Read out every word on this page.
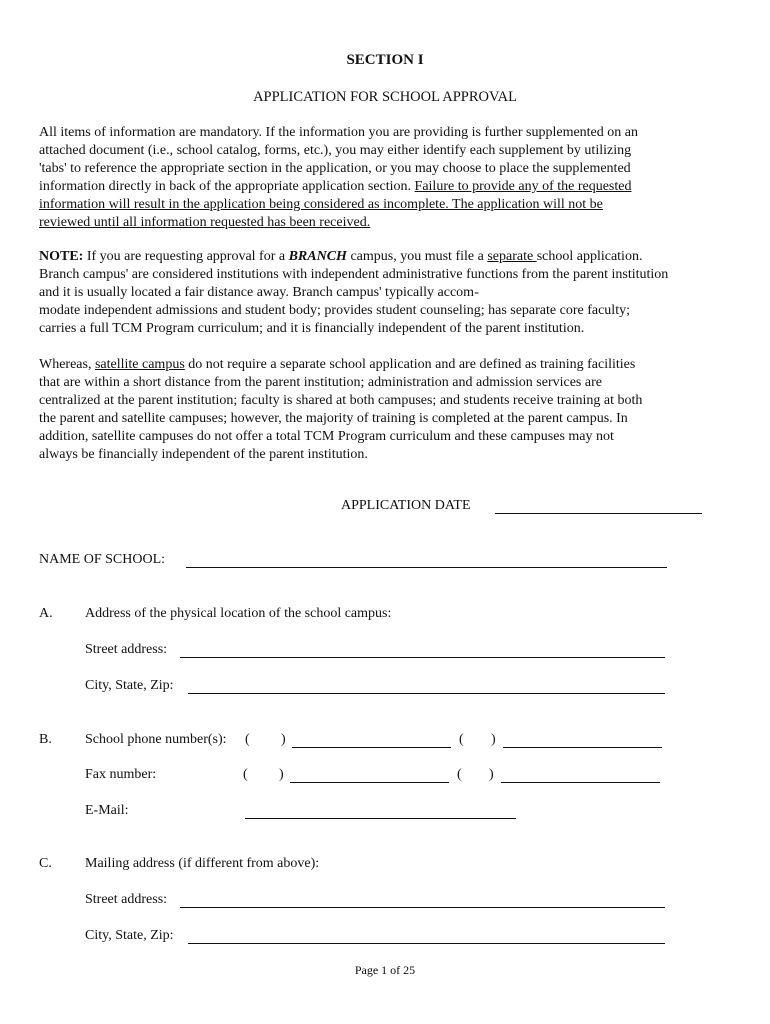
SECTION I
APPLICATION FOR SCHOOL APPROVAL
All items of information are mandatory. If the information you are providing is further supplemented on an
attached document (i.e., school catalog, forms, etc.), you may either identify each supplement by utilizing
'tabs' to reference the appropriate section in the application, or you may choose to place the supplemented
information directly in back of the appropriate application section. Failure to provide any of the requested
information will result in the application being considered as incomplete. The application will not be
reviewed until all information requested has been received.
NOTE: If you are requesting approval for a BRANCH campus, you must file a separate school application.
Branch campus' are considered institutions with independent administrative functions from the parent institution
and it is usually located a fair distance away. Branch campus' typically accom-
modate independent admissions and student body; provides student counseling; has separate core faculty;
carries a full TCM Program curriculum; and it is financially independent of the parent institution.
Whereas, satellite campus do not require a separate school application and are defined as training facilities
that are within a short distance from the parent institution; administration and admission services are
centralized at the parent institution; faculty is shared at both campuses; and students receive training at both
the parent and satellite campuses; however, the majority of training is completed at the parent campus. In
addition, satellite campuses do not offer a total TCM Program curriculum and these campuses may not
always be financially independent of the parent institution.
APPLICATION DATE
NAME OF SCHOOL:
A. Address of the physical location of the school campus:
Street address:
City, State, Zip:
B. School phone number(s): ( )	( )
Fax number:	( )	( )
E-Mail:
C. Mailing address (if different from above):
Street address:
City, State, Zip:
Page 1 of 25
